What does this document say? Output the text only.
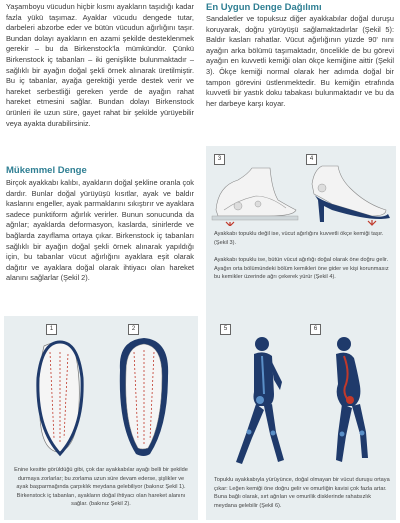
Yaşamboyu vücudun hiçbir kısmı ayakların taşıdığı kadar fazla yükü taşımaz. Ayaklar vücudu dengede tutar, darbeleri abzorbe eder ve bütün vücudun ağırlığını taşır. Bundan dolayı ayakların en azami şekilde desteklenmek gerekir – bu da Birkenstock'la mümkündür. Çünkü Birkenstock iç tabanları – iki genişlikte bulunmaktadır – sağlıklı bir ayağın doğal şekli örnek alınarak üretilmiştir. Bu iç tabanlar, ayağa gerektiği yerde destek verir ve hareket serbestliği gereken yerde de ayağın rahat hareket etmesini sağlar. Bundan dolayı Birkenstock ürünleri ile uzun süre, gayet rahat bir şekilde yürüyebilir veya ayakta durabilirsiniz.

Mükemmel Denge

Birçok ayakkabı kalıbı, ayakların doğal şekline oranla çok dardır. Bunlar doğal yürüyüşü kısıtlar, ayak ve baldır kaslarını engeller, ayak parmaklarını sıkıştırır ve ayaklara sadece punktiform ağırlık verirler. Bunun sonucunda da ağrılar; ayaklarda deformasyon, kaslarda, sinirlerde ve bağlarda zayıflama ortaya çıkar. Birkenstock iç tabanları sağlıklı bir ayağın doğal şekli örnek alınarak yapıldığı için, bu tabanlar vücut ağırlığını ayaklara eşit olarak dağıtır ve ayaklara doğal olarak ihtiyacı olan hareket alanını sağlarlar (Şekil 2).

En Uygun Denge Dağılımı

Sandaletler ve topuksuz diğer ayakkabılar doğal duruşu koruyarak, doğru yürüyüşü sağlamaktadırlar (Şekil 5): Baldır kasları rahatlar. Vücut ağırlığının yüzde 90' nını ayağın arka bölümü taşımaktadır, öncelikle de bu görevi ayağın en kuvvetli kemiği olan ökçe kemiğine aittir (Şekil 3). Ökçe kemiği normal olarak her adımda doğal bir tampon görevini üstlenmektedir. Bu kemiğin etrafında kuvvetli bir yastık doku tabakası bulunmaktadır ve bu da her darbeye karşı koyar.

3	4

Ayakkabı topuklu değil ise, vücut ağırlığını kuvvetli ökçe kemiği taşır. (Şekil 3).

Ayakkabı topuklu ise, bütün vücut ağırlığı doğal olarak öne doğru gelir. Ayağın orta bölümündeki bölüm kemikleri öne gider ve kişi korunmasız bu kemikler üzerinde ağrı çekerek yürür (Şekil 4).

1	2

Enine kesitte görüldüğü gibi, çok dar ayakkabılar ayağı belli bir şekilde durmaya zorlarlar; bu zorlama uzun süre devam ederse, şişlikler ve ayak başparmağında çarpıklık meydana gelebiliyor (bakınız Şekil 1). Birkenstock iç tabanları, ayakların doğal ihtiyacı olan hareket alanını sağlar. (bakınız Şekil 2).

5	6

Topuklu ayakkabıyla yürüyünce, doğal olmayan bir vücut duruşu ortaya çıkar: Leğen kemiği öne doğru gelir ve omurliğin kavisi çok fazla artar. Buna bağlı olarak, sırt ağrıları ve omurilik disklerinde rahatsızlık meydana gelebilir (Şekil 6).
